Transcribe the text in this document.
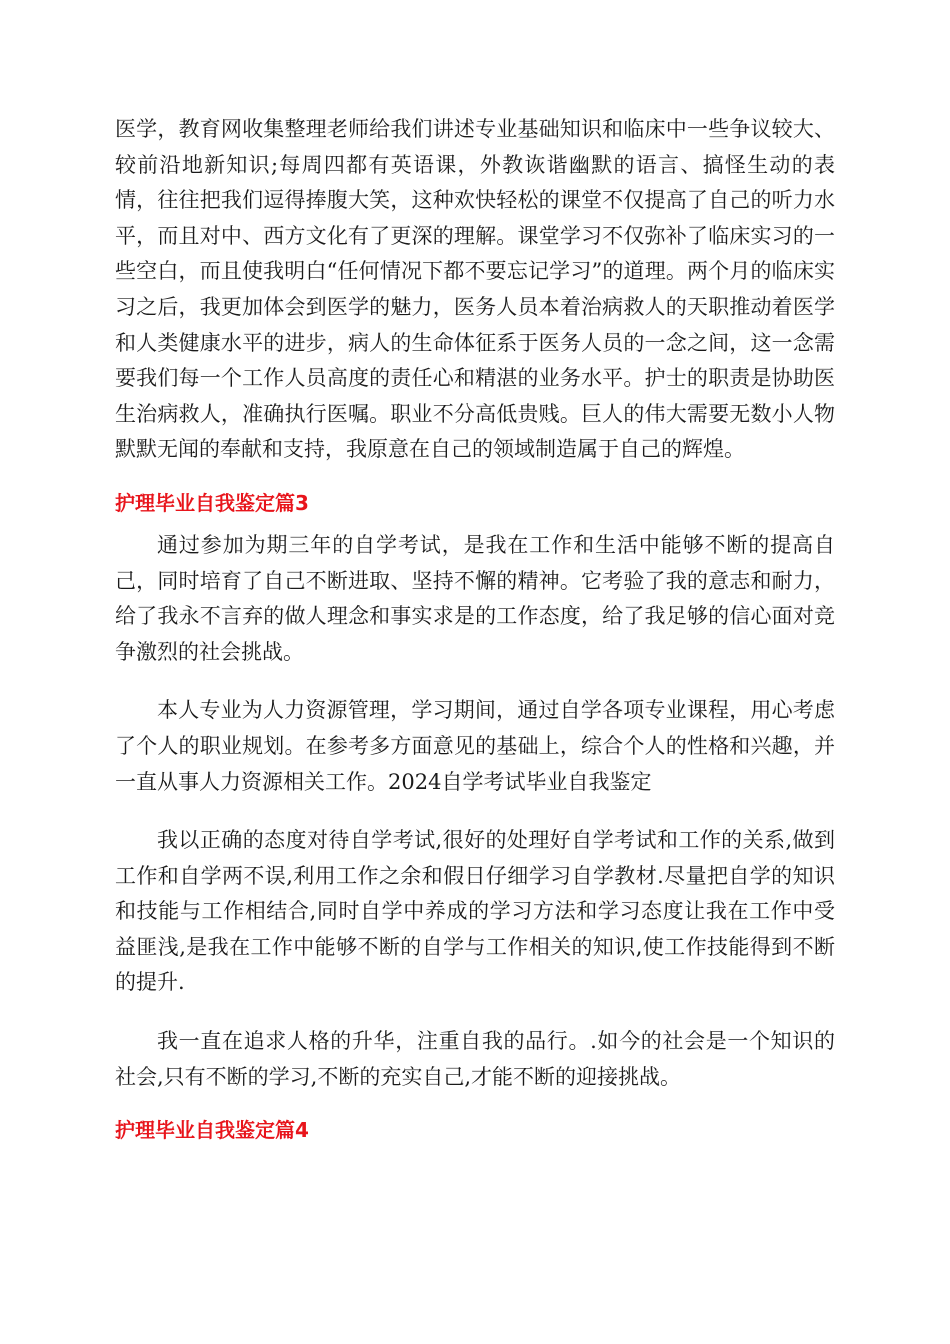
医学，教育网收集整理老师给我们讲述专业基础知识和临床中一些争议较大、较前沿地新知识;每周四都有英语课，外教诙谐幽默的语言、搞怪生动的表情，往往把我们逗得捧腹大笑，这种欢快轻松的课堂不仅提高了自己的听力水平，而且对中、西方文化有了更深的理解。课堂学习不仅弥补了临床实习的一些空白，而且使我明白“任何情况下都不要忘记学习”的道理。两个月的临床实习之后，我更加体会到医学的魅力，医务人员本着治病救人的天职推动着医学和人类健康水平的进步，病人的生命体征系于医务人员的一念之间，这一念需要我们每一个工作人员高度的责任心和精湛的业务水平。护士的职责是协助医生治病救人，准确执行医嘱。职业不分高低贵贱。巨人的伟大需要无数小人物默默无闻的奉献和支持，我原意在自己的领域制造属于自己的辉煌。

护理毕业自我鉴定篇3

通过参加为期三年的自学考试，是我在工作和生活中能够不断的提高自己，同时培育了自己不断进取、坚持不懈的精神。它考验了我的意志和耐力，给了我永不言弃的做人理念和事实求是的工作态度，给了我足够的信心面对竞争激烈的社会挑战。

本人专业为人力资源管理，学习期间，通过自学各项专业课程，用心考虑了个人的职业规划。在参考多方面意见的基础上，综合个人的性格和兴趣，并一直从事人力资源相关工作。2024自学考试毕业自我鉴定

我以正确的态度对待自学考试,很好的处理好自学考试和工作的关系,做到工作和自学两不误,利用工作之余和假日仔细学习自学教材.尽量把自学的知识和技能与工作相结合,同时自学中养成的学习方法和学习态度让我在工作中受益匪浅,是我在工作中能够不断的自学与工作相关的知识,使工作技能得到不断的提升.

我一直在追求人格的升华，注重自我的品行。.如今的社会是一个知识的社会,只有不断的学习,不断的充实自己,才能不断的迎接挑战。

护理毕业自我鉴定篇4
